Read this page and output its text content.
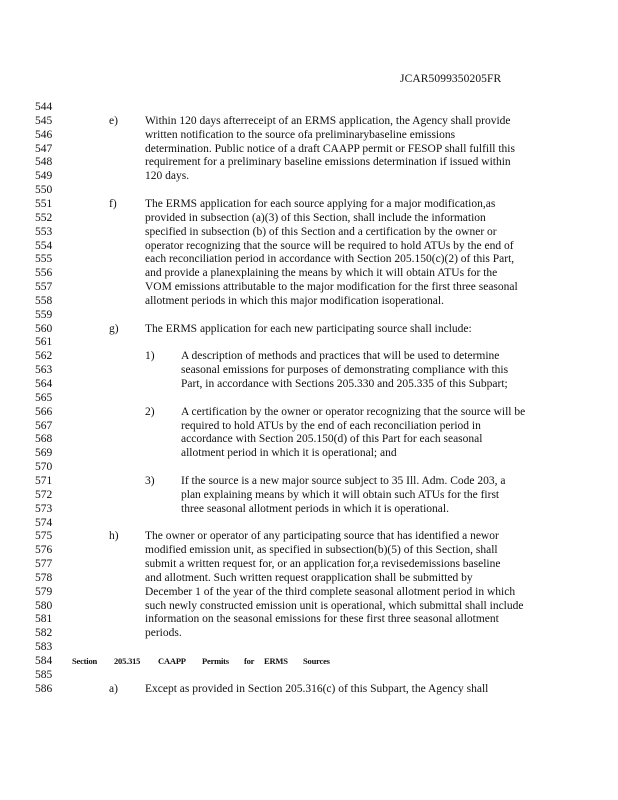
JCAR5099350205FR
544
545
546
547
548
549
550
551
552
553
554
555
556
557
558
559
560
561
562
563
564
565
566
567
568
569
570
571
572
573
574
575
576
577
578
579
580
581
582
583
584
585
586
e) Within 120 days afterreceipt of an ERMS application, the Agency shall provide
written notification to the source ofa preliminarybaseline emissions
determination. Public notice of a draft CAAPP permit or FESOP shall fulfill this
requirement for a preliminary baseline emissions determination if issued within
120 days.
f) The ERMS application for each source applying for a major modification,as
provided in subsection (a)(3) of this Section, shall include the information
specified in subsection (b) of this Section and a certification by the owner or
operator recognizing that the source will be required to hold ATUs by the end of
each reconciliation period in accordance with Section 205.150(c)(2) of this Part,
and provide a planexplaining the means by which it will obtain ATUs for the
VOM emissions attributable to the major modification for the first three seasonal
allotment periods in which this major modification isoperational.
g) The ERMS application for each new participating source shall include:
1) A description of methods and practices that will be used to determine
seasonal emissions for purposes of demonstrating compliance with this
Part, in accordance with Sections 205.330 and 205.335 of this Subpart;
2) A certification by the owner or operator recognizing that the source will be
required to hold ATUs by the end of each reconciliation period in
accordance with Section 205.150(d) of this Part for each seasonal
allotment period in which it is operational; and
3) If the source is a new major source subject to 35 Ill. Adm. Code 203, a
plan explaining means by which it will obtain such ATUs for the first
three seasonal allotment periods in which it is operational.
h) The owner or operator of any participating source that has identified a newor
modified emission unit, as specified in subsection(b)(5) of this Section, shall
submit a written request for, or an application for,a revisedemissions baseline
and allotment. Such written request orapplication shall be submitted by
December 1 of the year of the third complete seasonal allotment period in which
such newly constructed emission unit is operational, which submittal shall include
information on the seasonal emissions for these first three seasonal allotment
periods.
Section 205.315 CAAPP Permits for ERMS Sources
a) Except as provided in Section 205.316(c) of this Subpart, the Agency shall
